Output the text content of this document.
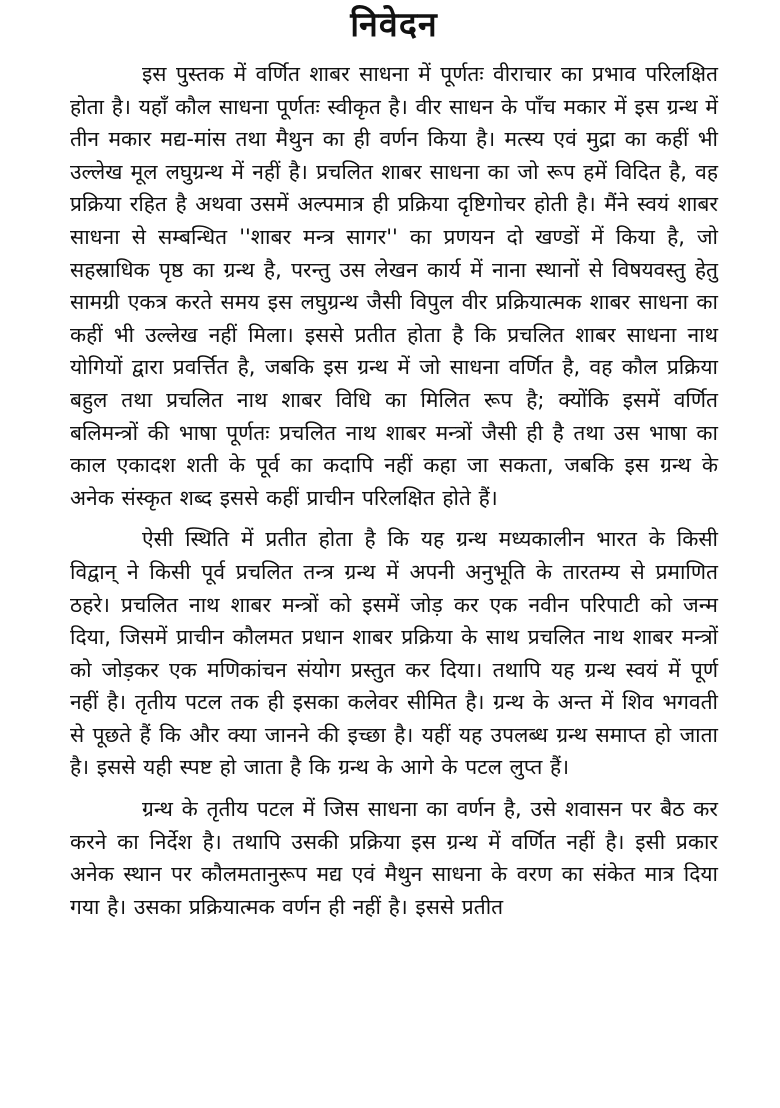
निवेदन

इस पुस्तक में वर्णित शाबर साधना में पूर्णतः वीराचार का प्रभाव परिलक्षित होता है। यहाँ कौल साधना पूर्णतः स्वीकृत है। वीर साधन के पाँच मकार में इस ग्रन्थ में तीन मकार मद्य-मांस तथा मैथुन का ही वर्णन किया है। मत्स्य एवं मुद्रा का कहीं भी उल्लेख मूल लघुग्रन्थ में नहीं है। प्रचलित शाबर साधना का जो रूप हमें विदित है, वह प्रक्रिया रहित है अथवा उसमें अल्पमात्र ही प्रक्रिया दृष्टिगोचर होती है। मैंने स्वयं शाबर साधना से सम्बन्धित ''शाबर मन्त्र सागर'' का प्रणयन दो खण्डों में किया है, जो सहस्राधिक पृष्ठ का ग्रन्थ है, परन्तु उस लेखन कार्य में नाना स्थानों से विषयवस्तु हेतु सामग्री एकत्र करते समय इस लघुग्रन्थ जैसी विपुल वीर प्रक्रियात्मक शाबर साधना का कहीं भी उल्लेख नहीं मिला। इससे प्रतीत होता है कि प्रचलित शाबर साधना नाथ योगियों द्वारा प्रवर्त्तित है, जबकि इस ग्रन्थ में जो साधना वर्णित है, वह कौल प्रक्रिया बहुल तथा प्रचलित नाथ शाबर विधि का मिलित रूप है; क्योंकि इसमें वर्णित बलिमन्त्रों की भाषा पूर्णतः प्रचलित नाथ शाबर मन्त्रों जैसी ही है तथा उस भाषा का काल एकादश शती के पूर्व का कदापि नहीं कहा जा सकता, जबकि इस ग्रन्थ के अनेक संस्कृत शब्द इससे कहीं प्राचीन परिलक्षित होते हैं।

ऐसी स्थिति में प्रतीत होता है कि यह ग्रन्थ मध्यकालीन भारत के किसी विद्वान् ने किसी पूर्व प्रचलित तन्त्र ग्रन्थ में अपनी अनुभूति के तारतम्य से प्रमाणित ठहरे। प्रचलित नाथ शाबर मन्त्रों को इसमें जोड़ कर एक नवीन परिपाटी को जन्म दिया, जिसमें प्राचीन कौलमत प्रधान शाबर प्रक्रिया के साथ प्रचलित नाथ शाबर मन्त्रों को जोड़कर एक मणिकांचन संयोग प्रस्तुत कर दिया। तथापि यह ग्रन्थ स्वयं में पूर्ण नहीं है। तृतीय पटल तक ही इसका कलेवर सीमित है। ग्रन्थ के अन्त में शिव भगवती से पूछते हैं कि और क्या जानने की इच्छा है। यहीं यह उपलब्ध ग्रन्थ समाप्त हो जाता है। इससे यही स्पष्ट हो जाता है कि ग्रन्थ के आगे के पटल लुप्त हैं।

ग्रन्थ के तृतीय पटल में जिस साधना का वर्णन है, उसे शवासन पर बैठ कर करने का निर्देश है। तथापि उसकी प्रक्रिया इस ग्रन्थ में वर्णित नहीं है। इसी प्रकार अनेक स्थान पर कौलमतानुरूप मद्य एवं मैथुन साधना के वरण का संकेत मात्र दिया गया है। उसका प्रक्रियात्मक वर्णन ही नहीं है। इससे प्रतीत
